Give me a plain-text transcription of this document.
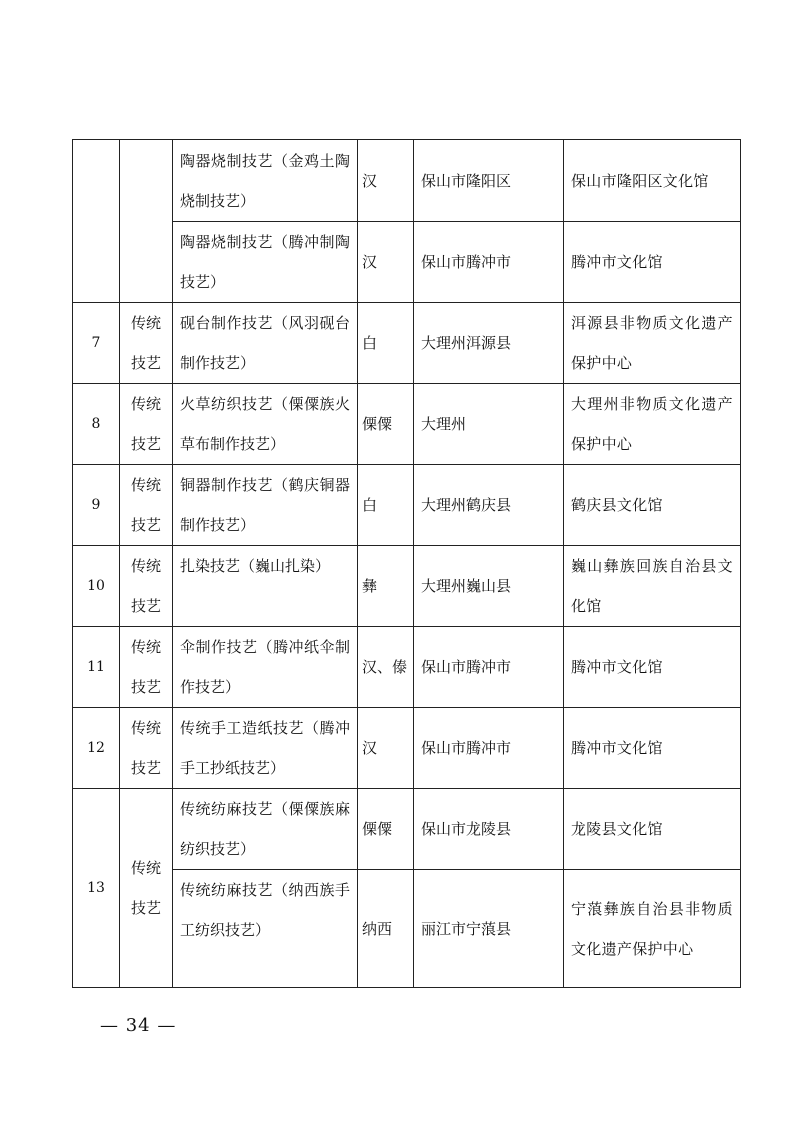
		陶器烧制技艺（金鸡土陶烧制技艺）	汉	保山市隆阳区	保山市隆阳区文化馆
		陶器烧制技艺（腾冲制陶技艺）	汉	保山市腾冲市	腾冲市文化馆
7	传统技艺	砚台制作技艺（风羽砚台制作技艺）	白	大理州洱源县	洱源县非物质文化遗产保护中心
8	传统技艺	火草纺织技艺（傈僳族火草布制作技艺）	傈僳	大理州	大理州非物质文化遗产保护中心
9	传统技艺	铜器制作技艺（鹤庆铜器制作技艺）	白	大理州鹤庆县	鹤庆县文化馆
10	传统技艺	扎染技艺（巍山扎染）	彝	大理州巍山县	巍山彝族回族自治县文化馆
11	传统技艺	伞制作技艺（腾冲纸伞制作技艺）	汉、傣	保山市腾冲市	腾冲市文化馆
12	传统技艺	传统手工造纸技艺（腾冲手工抄纸技艺）	汉	保山市腾冲市	腾冲市文化馆
13	传统技艺	传统纺麻技艺（傈僳族麻纺织技艺）	傈僳	保山市龙陵县	龙陵县文化馆
		传统纺麻技艺（纳西族手工纺织技艺）	纳西	丽江市宁蒗县	宁蒗彝族自治县非物质文化遗产保护中心
— 34 —
